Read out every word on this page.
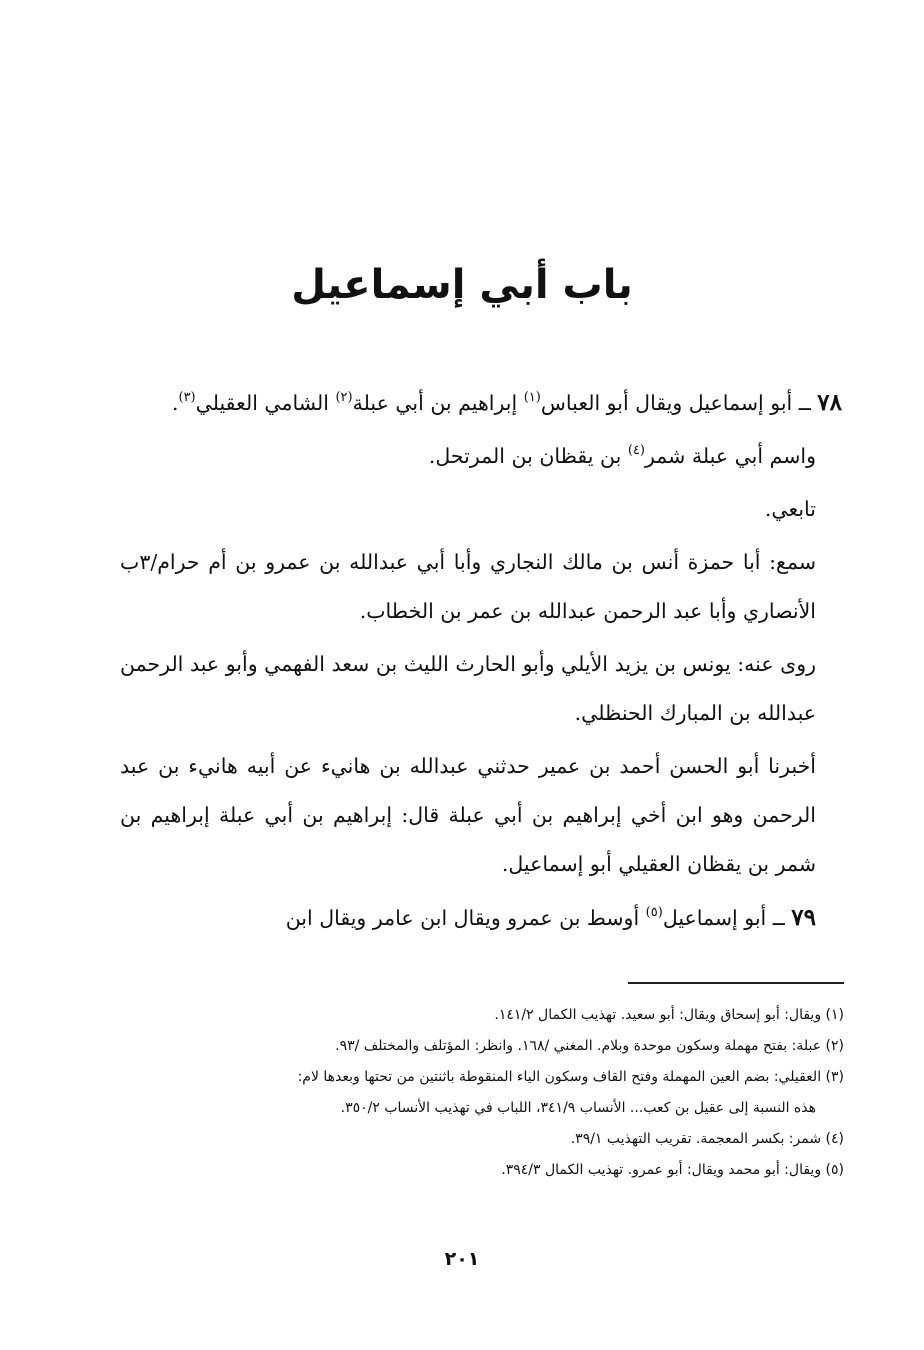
باب أبي إسماعيل

٧٨ ــ أبو إسماعيل ويقال أبو العباس$^{(١)}$ إبراهيم بن أبي عبلة$^{(٢)}$ الشامي العقيلي$^{(٣)}$.

واسم أبي عبلة شمر$^{(٤)}$ بن يقظان بن المرتحل.

تابعي.

سمع: أبا حمزة أنس بن مالك النجاري وأبا أبي عبدالله بن عمرو بن أم حرام/٣ب الأنصاري وأبا عبد الرحمن عبدالله بن عمر بن الخطاب.

روى عنه: يونس بن يزيد الأيلي وأبو الحارث الليث بن سعد الفهمي وأبو عبد الرحمن عبدالله بن المبارك الحنظلي.

أخبرنا أبو الحسن أحمد بن عمير حدثني عبدالله بن هانيء عن أبيه هانيء بن عبد الرحمن وهو ابن أخي إبراهيم بن أبي عبلة قال: إبراهيم بن أبي عبلة إبراهيم بن شمر بن يقظان العقيلي أبو إسماعيل.

٧٩ ــ أبو إسماعيل$^{(٥)}$ أوسط بن عمرو ويقال ابن عامر ويقال ابن

(١) ويقال: أبو إسحاق ويقال: أبو سعيد. تهذيب الكمال ١٤١/٢.

(٢) عبلة: بفتح مهملة وسكون موحدة وبلام. المغني /١٦٨. وانظر: المؤتلف والمختلف /٩٣.

(٣) العقيلي: بضم العين المهملة وفتح القاف وسكون الياء المنقوطة باثنتين من تحتها وبعدها لام:

هذه النسبة إلى عقيل بن كعب... الأنساب ٣٤١/٩، اللباب في تهذيب الأنساب ٣٥٠/٢.

(٤) شمر: بكسر المعجمة. تقريب التهذيب ٣٩/١.

(٥) ويقال: أبو محمد ويقال: أبو عمرو. تهذيب الكمال ٣٩٤/٣.

٢٠١
